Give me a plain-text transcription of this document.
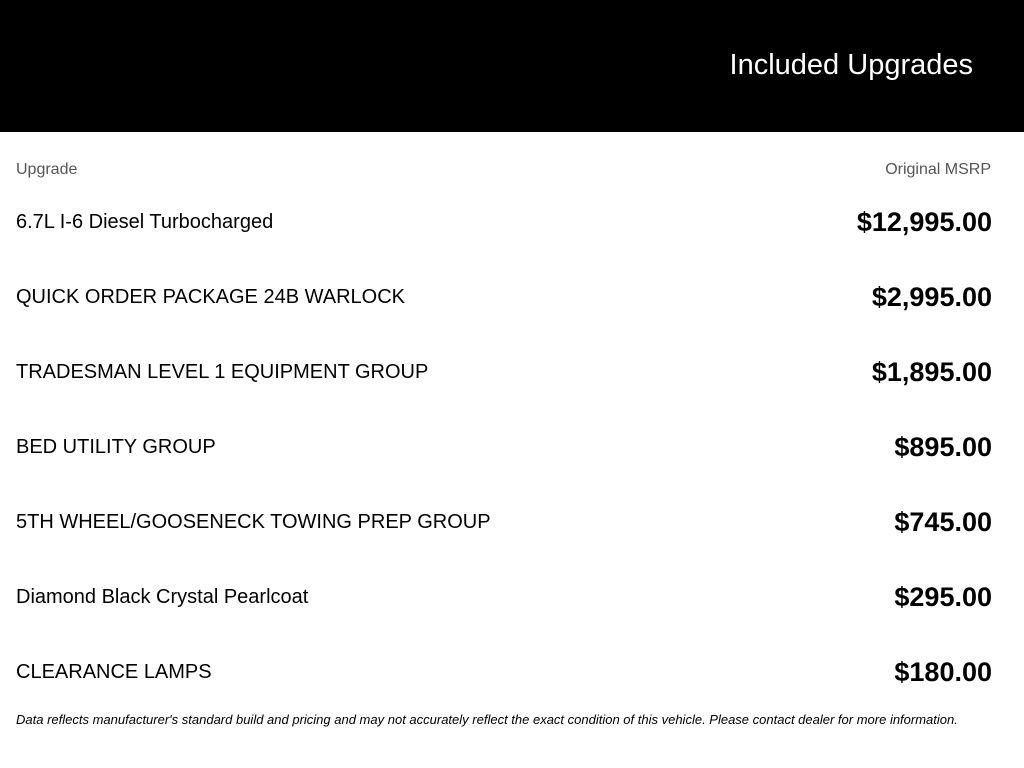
Included Upgrades
Upgrade	Original MSRP
6.7L I-6 Diesel Turbocharged	$12,995.00
QUICK ORDER PACKAGE 24B WARLOCK	$2,995.00
TRADESMAN LEVEL 1 EQUIPMENT GROUP	$1,895.00
BED UTILITY GROUP	$895.00
5TH WHEEL/GOOSENECK TOWING PREP GROUP	$745.00
Diamond Black Crystal Pearlcoat	$295.00
CLEARANCE LAMPS	$180.00
Data reflects manufacturer's standard build and pricing and may not accurately reflect the exact condition of this vehicle. Please contact dealer for more information.
